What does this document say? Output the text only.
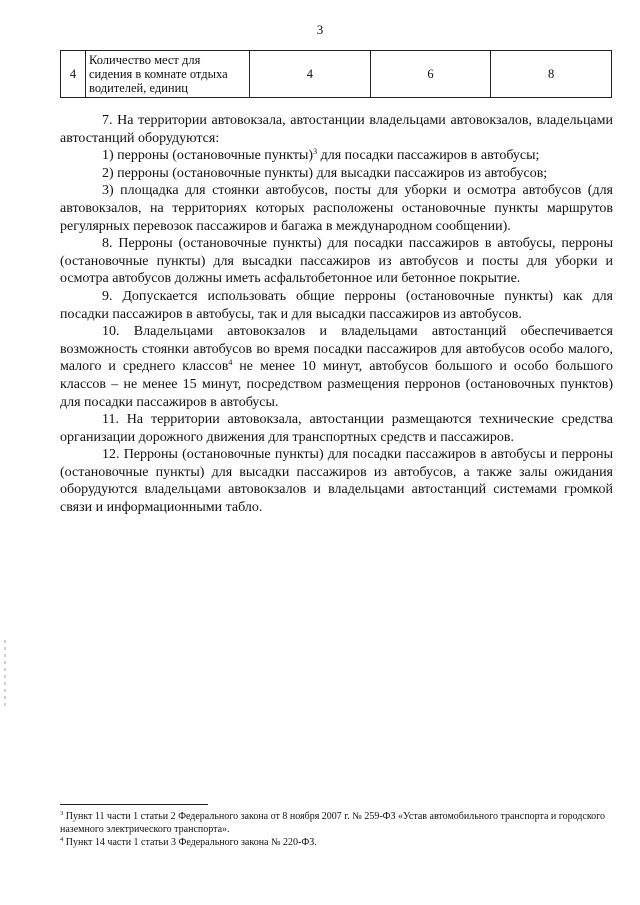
3
4	Количество мест для сидения в комнате отдыха водителей, единиц	4	6	8

7. На территории автовокзала, автостанции владельцами автовокзалов, владельцами автостанций оборудуются:

1) перроны (остановочные пункты)$^3$ для посадки пассажиров в автобусы;

2) перроны (остановочные пункты) для высадки пассажиров из автобусов;

3) площадка для стоянки автобусов, посты для уборки и осмотра автобусов (для автовокзалов, на территориях которых расположены остановочные пункты маршрутов регулярных перевозок пассажиров и багажа в международном сообщении).

8. Перроны (остановочные пункты) для посадки пассажиров в автобусы, перроны (остановочные пункты) для высадки пассажиров из автобусов и посты для уборки и осмотра автобусов должны иметь асфальтобетонное или бетонное покрытие.

9. Допускается использовать общие перроны (остановочные пункты) как для посадки пассажиров в автобусы, так и для высадки пассажиров из автобусов.

10. Владельцами автовокзалов и владельцами автостанций обеспечивается возможность стоянки автобусов во время посадки пассажиров для автобусов особо малого, малого и среднего классов$^4$ не менее 10 минут, автобусов большого и особо большого классов – не менее 15 минут, посредством размещения перронов (остановочных пунктов) для посадки пассажиров в автобусы.

11. На территории автовокзала, автостанции размещаются технические средства организации дорожного движения для транспортных средств и пассажиров.

12. Перроны (остановочные пункты) для посадки пассажиров в автобусы и перроны (остановочные пункты) для высадки пассажиров из автобусов, а также залы ожидания оборудуются владельцами автовокзалов и владельцами автостанций системами громкой связи и информационными табло.

$^3$ Пункт 11 части 1 статьи 2 Федерального закона от 8 ноября 2007 г. № 259-ФЗ «Устав автомобильного транспорта и городского наземного электрического транспорта».

$^4$ Пункт 14 части 1 статьи 3 Федерального закона № 220-ФЗ.
